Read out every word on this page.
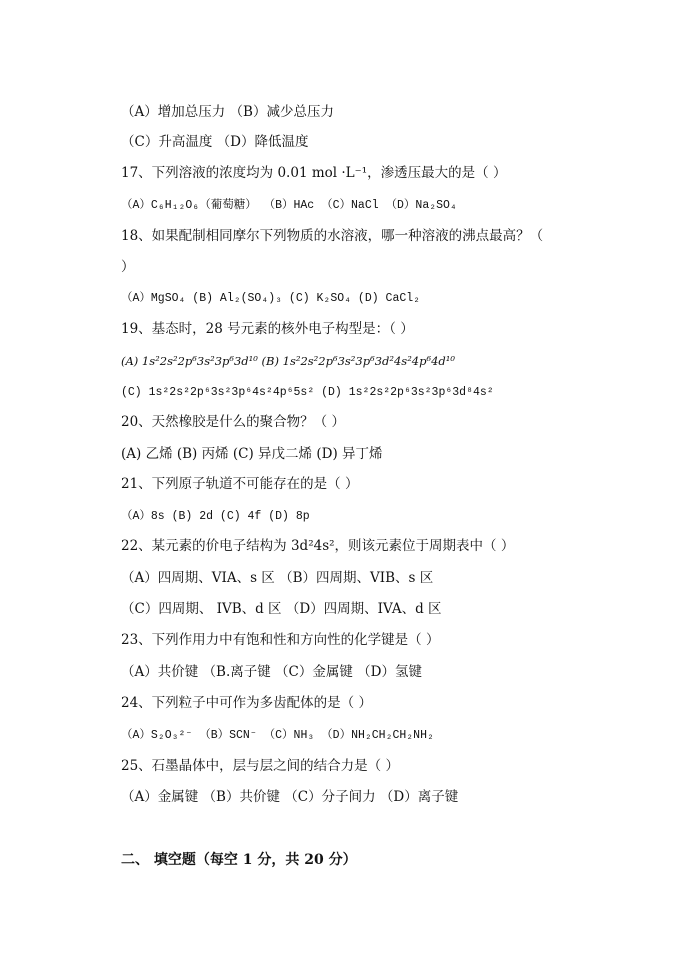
（A）增加总压力 （B）减少总压力
（C）升高温度 （D）降低温度
17、下列溶液的浓度均为 0.01 mol ·L⁻¹，渗透压最大的是（ ）
（A）C₆H₁₂O₆（葡萄糖） （B）HAc （C）NaCl （D）Na₂SO₄
18、如果配制相同摩尔下列物质的水溶液，哪一种溶液的沸点最高？（
）
（A）MgSO₄ (B) Al₂(SO₄)₃ (C) K₂SO₄ (D) CaCl₂
19、基态时，28 号元素的核外电子构型是：（ ）
(A) 1s²2s²2p⁶3s²3p⁶3d¹⁰ (B) 1s²2s²2p⁶3s²3p⁶3d²4s²4p⁶4d¹⁰
(C) 1s²2s²2p⁶3s²3p⁶4s²4p⁶5s² (D) 1s²2s²2p⁶3s²3p⁶3d⁸4s²
20、天然橡胶是什么的聚合物？（ ）
(A) 乙烯 (B) 丙烯 (C) 异戊二烯 (D) 异丁烯
21、下列原子轨道不可能存在的是（ ）
（A）8s (B) 2d (C) 4f (D) 8p
22、某元素的价电子结构为 3d²4s²，则该元素位于周期表中（ ）
（A）四周期、VIA、s 区 （B）四周期、VIB、s 区
（C）四周期、 IVB、d 区 （D）四周期、IVA、d 区
23、下列作用力中有饱和性和方向性的化学键是（ ）
（A）共价键 （B.离子键 （C）金属键 （D）氢键
24、下列粒子中可作为多齿配体的是（ ）
（A）S₂O₃²⁻ （B）SCN⁻ （C）NH₃ （D）NH₂CH₂CH₂NH₂
25、石墨晶体中，层与层之间的结合力是（ ）
（A）金属键 （B）共价键 （C）分子间力 （D）离子键
二、 填空题（每空 1 分，共 20 分）
